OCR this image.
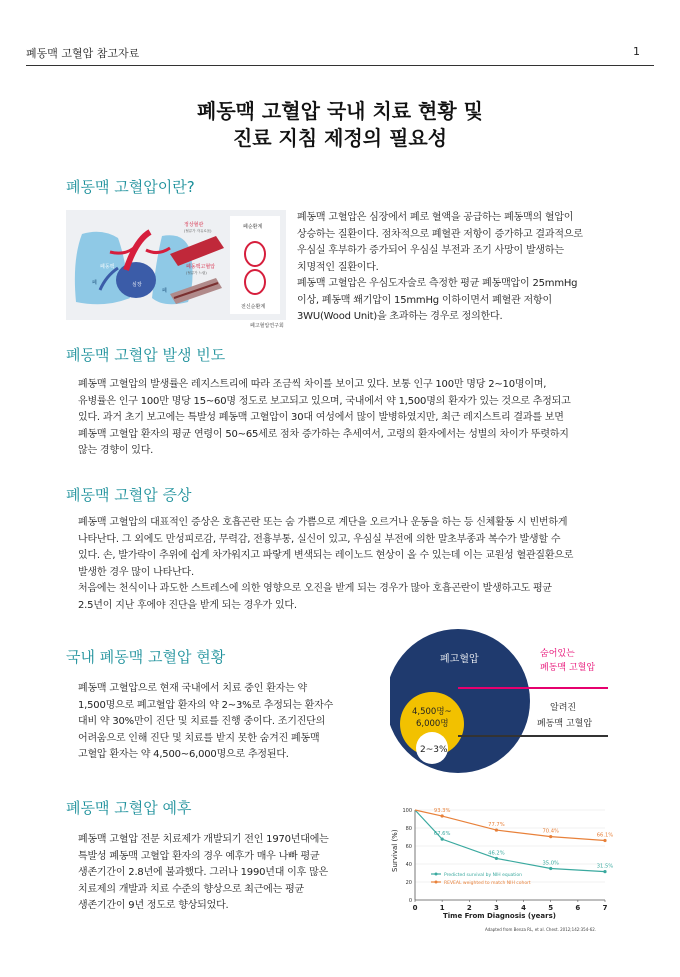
폐동맥 고혈압 참고자료	1
폐동맥 고혈압 국내 치료 현황 및
진료 지침 제정의 필요성
폐동맥 고혈압이란?
폐동맥
심장
폐
폐
정상혈관
(혈류가 자유로움)
폐동맥고혈압
(혈류가 느림)
폐순환계
전신순환계
폐고혈압연구회
폐동맥 고혈압은 심장에서 폐로 혈액을 공급하는 폐동맥의 혈압이
상승하는 질환이다. 점차적으로 폐혈관 저항이 증가하고 결과적으로
우심실 후부하가 증가되어 우심실 부전과 조기 사망이 발생하는
치명적인 질환이다.
폐동맥 고혈압은 우심도자술로 측정한 평균 폐동맥압이 25mmHg
이상, 폐동맥 쐐기압이 15mmHg 이하이면서 폐혈관 저항이
3WU(Wood Unit)을 초과하는 경우로 정의한다.
폐동맥 고혈압 발생 빈도
폐동맥 고혈압의 발생률은 레지스트리에 따라 조금씩 차이를 보이고 있다. 보통 인구 100만 명당 2~10명이며,
유병률은 인구 100만 명당 15~60명 정도로 보고되고 있으며, 국내에서 약 1,500명의 환자가 있는 것으로 추정되고
있다. 과거 초기 보고에는 특발성 폐동맥 고혈압이 30대 여성에서 많이 발병하였지만, 최근 레지스트리 결과를 보면
폐동맥 고혈압 환자의 평균 연령이 50~65세로 점차 증가하는 추세여서, 고령의 환자에서는 성별의 차이가 뚜렷하지
않는 경향이 있다.
폐동맥 고혈압 증상
폐동맥 고혈압의 대표적인 증상은 호흡곤란 또는 숨 가쁨으로 계단을 오르거나 운동을 하는 등 신체활동 시 빈번하게
나타난다. 그 외에도 만성피로감, 무력감, 전흉부통, 실신이 있고, 우심실 부전에 의한 말초부종과 복수가 발생할 수
있다. 손, 발가락이 추위에 쉽게 차가워지고 파랗게 변색되는 레이노드 현상이 올 수 있는데 이는 교원성 혈관질환으로
발생한 경우 많이 나타난다.
처음에는 천식이나 과도한 스트레스에 의한 영향으로 오진을 받게 되는 경우가 많아 호흡곤란이 발생하고도 평균
2.5년이 지난 후에야 진단을 받게 되는 경우가 있다.
국내 폐동맥 고혈압 현황
폐동맥 고혈압으로 현재 국내에서 치료 중인 환자는 약
1,500명으로 폐고혈압 환자의 약 2~3%로 추정되는 환자수
대비 약 30%만이 진단 및 치료를 진행 중이다. 조기진단의
어려움으로 인해 진단 및 치료를 받지 못한 숨겨진 폐동맥
고혈압 환자는 약 4,500~6,000명으로 추정된다.
폐고혈압
4,500명~
6,000명
2~3%
숨어있는
폐동맥 고혈압
알려진
폐동맥 고혈압
폐동맥 고혈압 예후
폐동맥 고혈압 전문 치료제가 개발되기 전인 1970년대에는
특발성 폐동맥 고혈압 환자의 경우 예후가 매우 나빠 평균
생존기간이 2.8년에 불과했다. 그러나 1990년대 이후 많은
치료제의 개발과 치료 수준의 향상으로 최근에는 평균
생존기간이 9년 정도로 향상되었다.	0
20
40
60
80
100
0	1	2	3	4	5	6	7
67.6%
46.2%
35.0%
31.5%
93.3%
77.7%
70.4%
66.1%
Time From Diagnosis (years)
Survival (%)
Adapted from Benza RL, et al. Chest. 2012;142:354-62.
Predicted survival by NIH equation
REVEAL weighted to match NIH cohort
